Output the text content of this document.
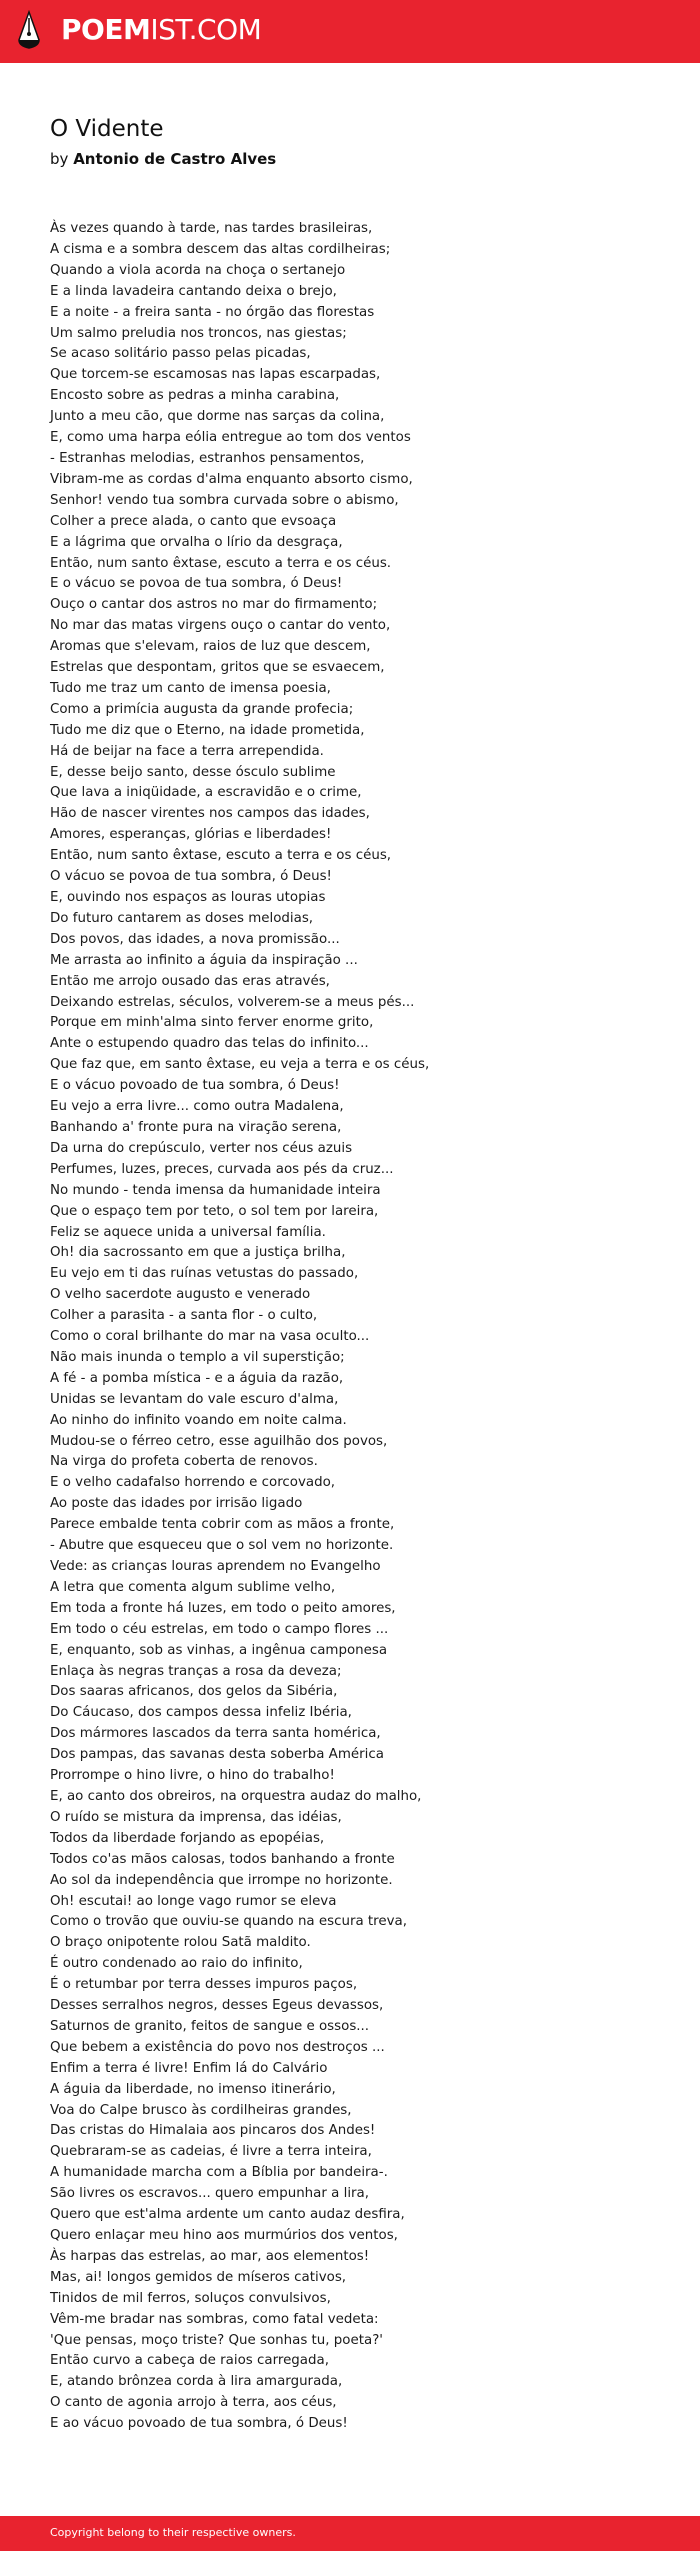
POEMIST.COM
O Vidente
by Antonio de Castro Alves
Às vezes quando à tarde, nas tardes brasileiras,
A cisma e a sombra descem das altas cordilheiras;
Quando a viola acorda na choça o sertanejo
E a linda lavadeira cantando deixa o brejo,
E a noite - a freira santa - no órgão das florestas
Um salmo preludia nos troncos, nas giestas;
Se acaso solitário passo pelas picadas,
Que torcem-se escamosas nas lapas escarpadas,
Encosto sobre as pedras a minha carabina,
Junto a meu cão, que dorme nas sarças da colina,
E, como uma harpa eólia entregue ao tom dos ventos
- Estranhas melodias, estranhos pensamentos,
Vibram-me as cordas d'alma enquanto absorto cismo,
Senhor! vendo tua sombra curvada sobre o abismo,
Colher a prece alada, o canto que evsoaça
E a lágrima que orvalha o lírio da desgraça,
Então, num santo êxtase, escuto a terra e os céus.
E o vácuo se povoa de tua sombra, ó Deus!
Ouço o cantar dos astros no mar do firmamento;
No mar das matas virgens ouço o cantar do vento,
Aromas que s'elevam, raios de luz que descem,
Estrelas que despontam, gritos que se esvaecem,
Tudo me traz um canto de imensa poesia,
Como a primícia augusta da grande profecia;
Tudo me diz que o Eterno, na idade prometida,
Há de beijar na face a terra arrependida.
E, desse beijo santo, desse ósculo sublime
Que lava a iniqüidade, a escravidão e o crime,
Hão de nascer virentes nos campos das idades,
Amores, esperanças, glórias e liberdades!
Então, num santo êxtase, escuto a terra e os céus,
O vácuo se povoa de tua sombra, ó Deus!
E, ouvindo nos espaços as louras utopias
Do futuro cantarem as doses melodias,
Dos povos, das idades, a nova promissão...
Me arrasta ao infinito a águia da inspiração ...
Então me arrojo ousado das eras através,
Deixando estrelas, séculos, volverem-se a meus pés...
Porque em minh'alma sinto ferver enorme grito,
Ante o estupendo quadro das telas do infinito...
Que faz que, em santo êxtase, eu veja a terra e os céus,
E o vácuo povoado de tua sombra, ó Deus!
Eu vejo a erra livre... como outra Madalena,
Banhando a' fronte pura na viração serena,
Da urna do crepúsculo, verter nos céus azuis
Perfumes, luzes, preces, curvada aos pés da cruz...
No mundo - tenda imensa da humanidade inteira
Que o espaço tem por teto, o sol tem por lareira,
Feliz se aquece unida a universal família.
Oh! dia sacrossanto em que a justiça brilha,
Eu vejo em ti das ruínas vetustas do passado,
O velho sacerdote augusto e venerado
Colher a parasita - a santa flor - o culto,
Como o coral brilhante do mar na vasa oculto...
Não mais inunda o templo a vil superstição;
A fé - a pomba mística - e a águia da razão,
Unidas se levantam do vale escuro d'alma,
Ao ninho do infinito voando em noite calma.
Mudou-se o férreo cetro, esse aguilhão dos povos,
Na virga do profeta coberta de renovos.
E o velho cadafalso horrendo e corcovado,
Ao poste das idades por irrisão ligado
Parece embalde tenta cobrir com as mãos a fronte,
- Abutre que esqueceu que o sol vem no horizonte.
Vede: as crianças louras aprendem no Evangelho
A letra que comenta algum sublime velho,
Em toda a fronte há luzes, em todo o peito amores,
Em todo o céu estrelas, em todo o campo flores ...
E, enquanto, sob as vinhas, a ingênua camponesa
Enlaça às negras tranças a rosa da deveza;
Dos saaras africanos, dos gelos da Sibéria,
Do Cáucaso, dos campos dessa infeliz Ibéria,
Dos mármores lascados da terra santa homérica,
Dos pampas, das savanas desta soberba América
Prorrompe o hino livre, o hino do trabalho!
E, ao canto dos obreiros, na orquestra audaz do malho,
O ruído se mistura da imprensa, das idéias,
Todos da liberdade forjando as epopéias,
Todos co'as mãos calosas, todos banhando a fronte
Ao sol da independência que irrompe no horizonte.
Oh! escutai! ao longe vago rumor se eleva
Como o trovão que ouviu-se quando na escura treva,
O braço onipotente rolou Satã maldito.
É outro condenado ao raio do infinito,
É o retumbar por terra desses impuros paços,
Desses serralhos negros, desses Egeus devassos,
Saturnos de granito, feitos de sangue e ossos...
Que bebem a existência do povo nos destroços ...
Enfim a terra é livre! Enfim lá do Calvário
A águia da liberdade, no imenso itinerário,
Voa do Calpe brusco às cordilheiras grandes,
Das cristas do Himalaia aos pincaros dos Andes!
Quebraram-se as cadeias, é livre a terra inteira,
A humanidade marcha com a Bíblia por bandeira-.
São livres os escravos... quero empunhar a lira,
Quero que est'alma ardente um canto audaz desfira,
Quero enlaçar meu hino aos murmúrios dos ventos,
Às harpas das estrelas, ao mar, aos elementos!
Mas, ai! longos gemidos de míseros cativos,
Tinidos de mil ferros, soluços convulsivos,
Vêm-me bradar nas sombras, como fatal vedeta:
'Que pensas, moço triste? Que sonhas tu, poeta?'
Então curvo a cabeça de raios carregada,
E, atando brônzea corda à lira amargurada,
O canto de agonia arrojo à terra, aos céus,
E ao vácuo povoado de tua sombra, ó Deus!
Copyright belong to their respective owners.
